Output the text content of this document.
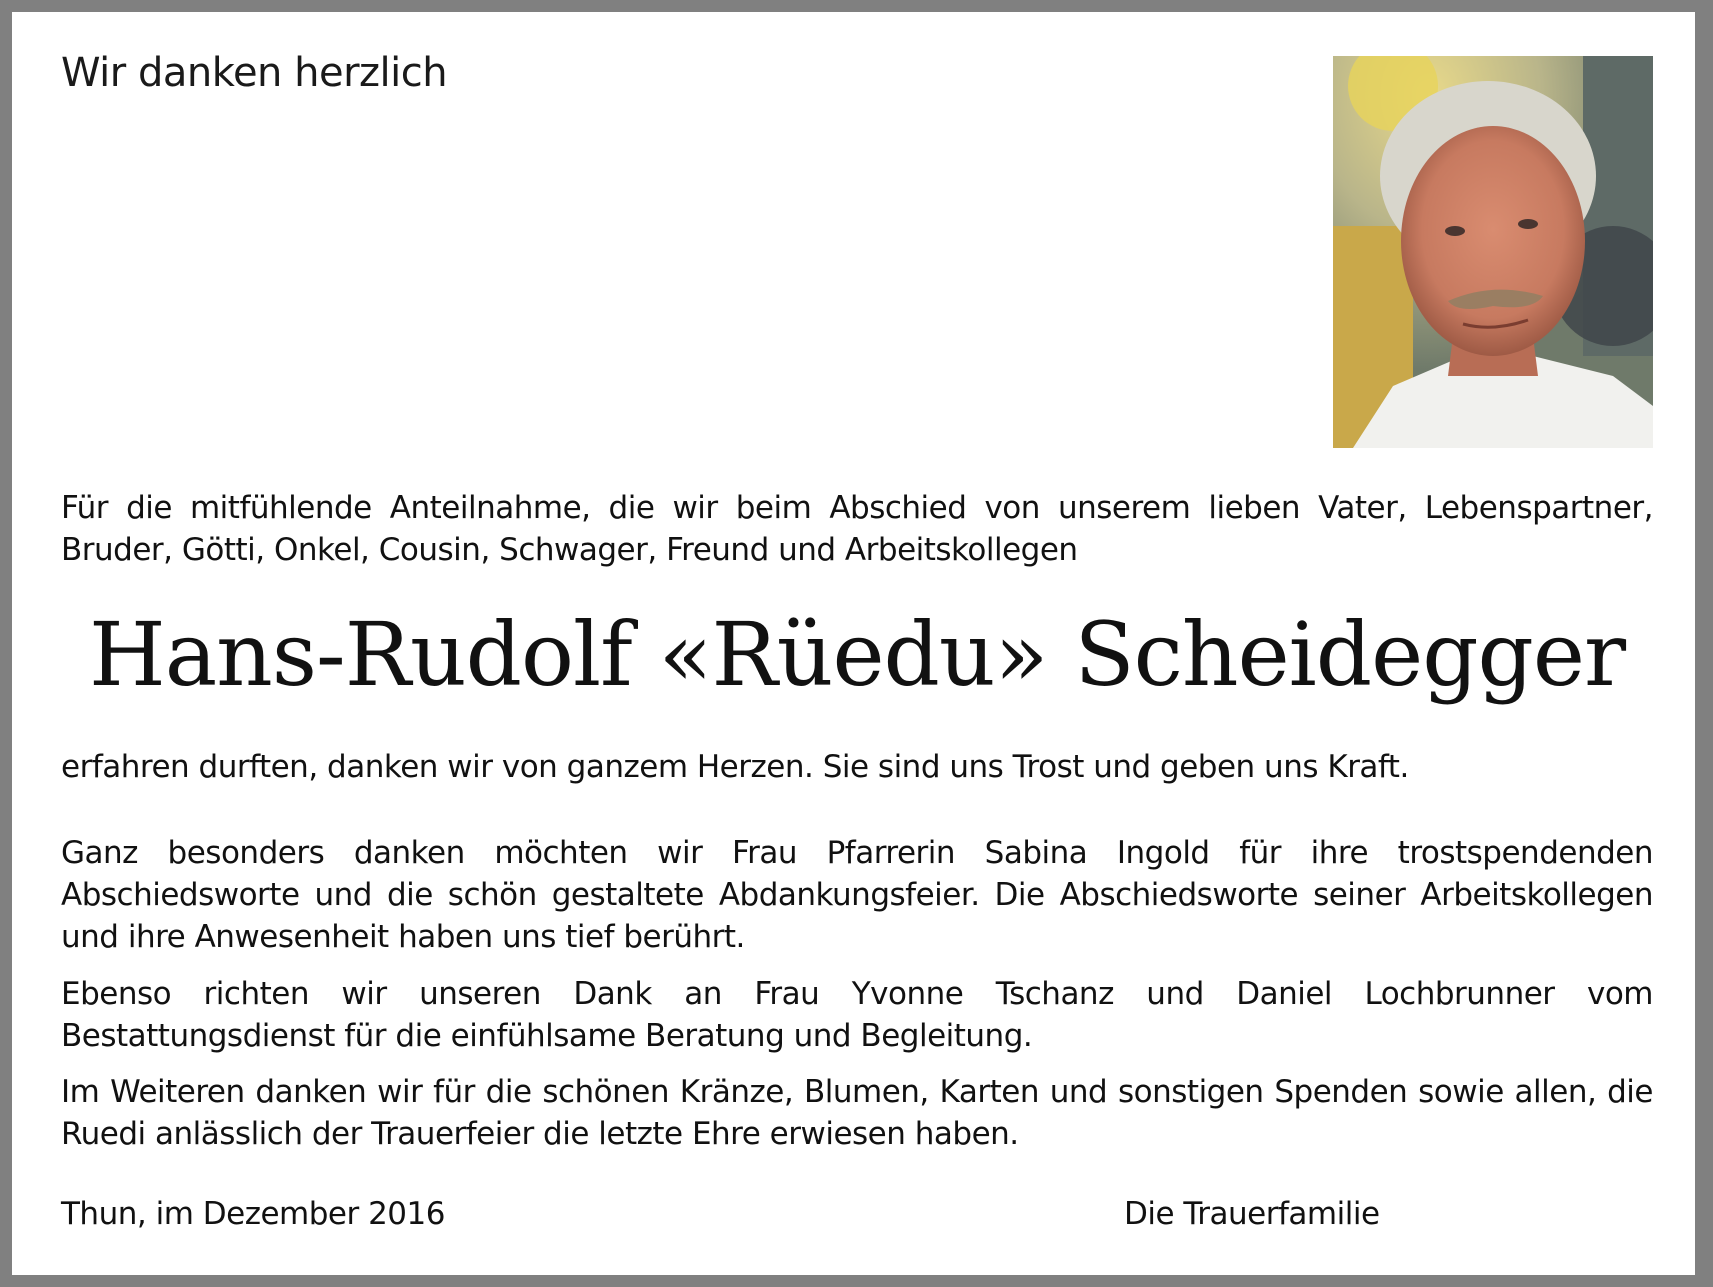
Wir danken herzlich
Für die mitfühlende Anteilnahme, die wir beim Abschied von unserem lieben Vater, Lebenspartner, Bruder, Götti, Onkel, Cousin, Schwager, Freund und Arbeitskollegen
Hans-Rudolf «Rüedu» Scheidegger
erfahren durften, danken wir von ganzem Herzen. Sie sind uns Trost und geben uns Kraft.
Ganz besonders danken möchten wir Frau Pfarrerin Sabina Ingold für ihre trostspendenden Abschiedsworte und die schön gestaltete Abdankungsfeier. Die Abschiedsworte seiner Arbeitskollegen und ihre Anwesenheit haben uns tief berührt.
Ebenso richten wir unseren Dank an Frau Yvonne Tschanz und Daniel Lochbrunner vom Bestattungsdienst für die einfühlsame Beratung und Begleitung.
Im Weiteren danken wir für die schönen Kränze, Blumen, Karten und sonstigen Spenden sowie allen, die Ruedi anlässlich der Trauerfeier die letzte Ehre erwiesen haben.
Thun, im Dezember 2016	Die Trauerfamilie
